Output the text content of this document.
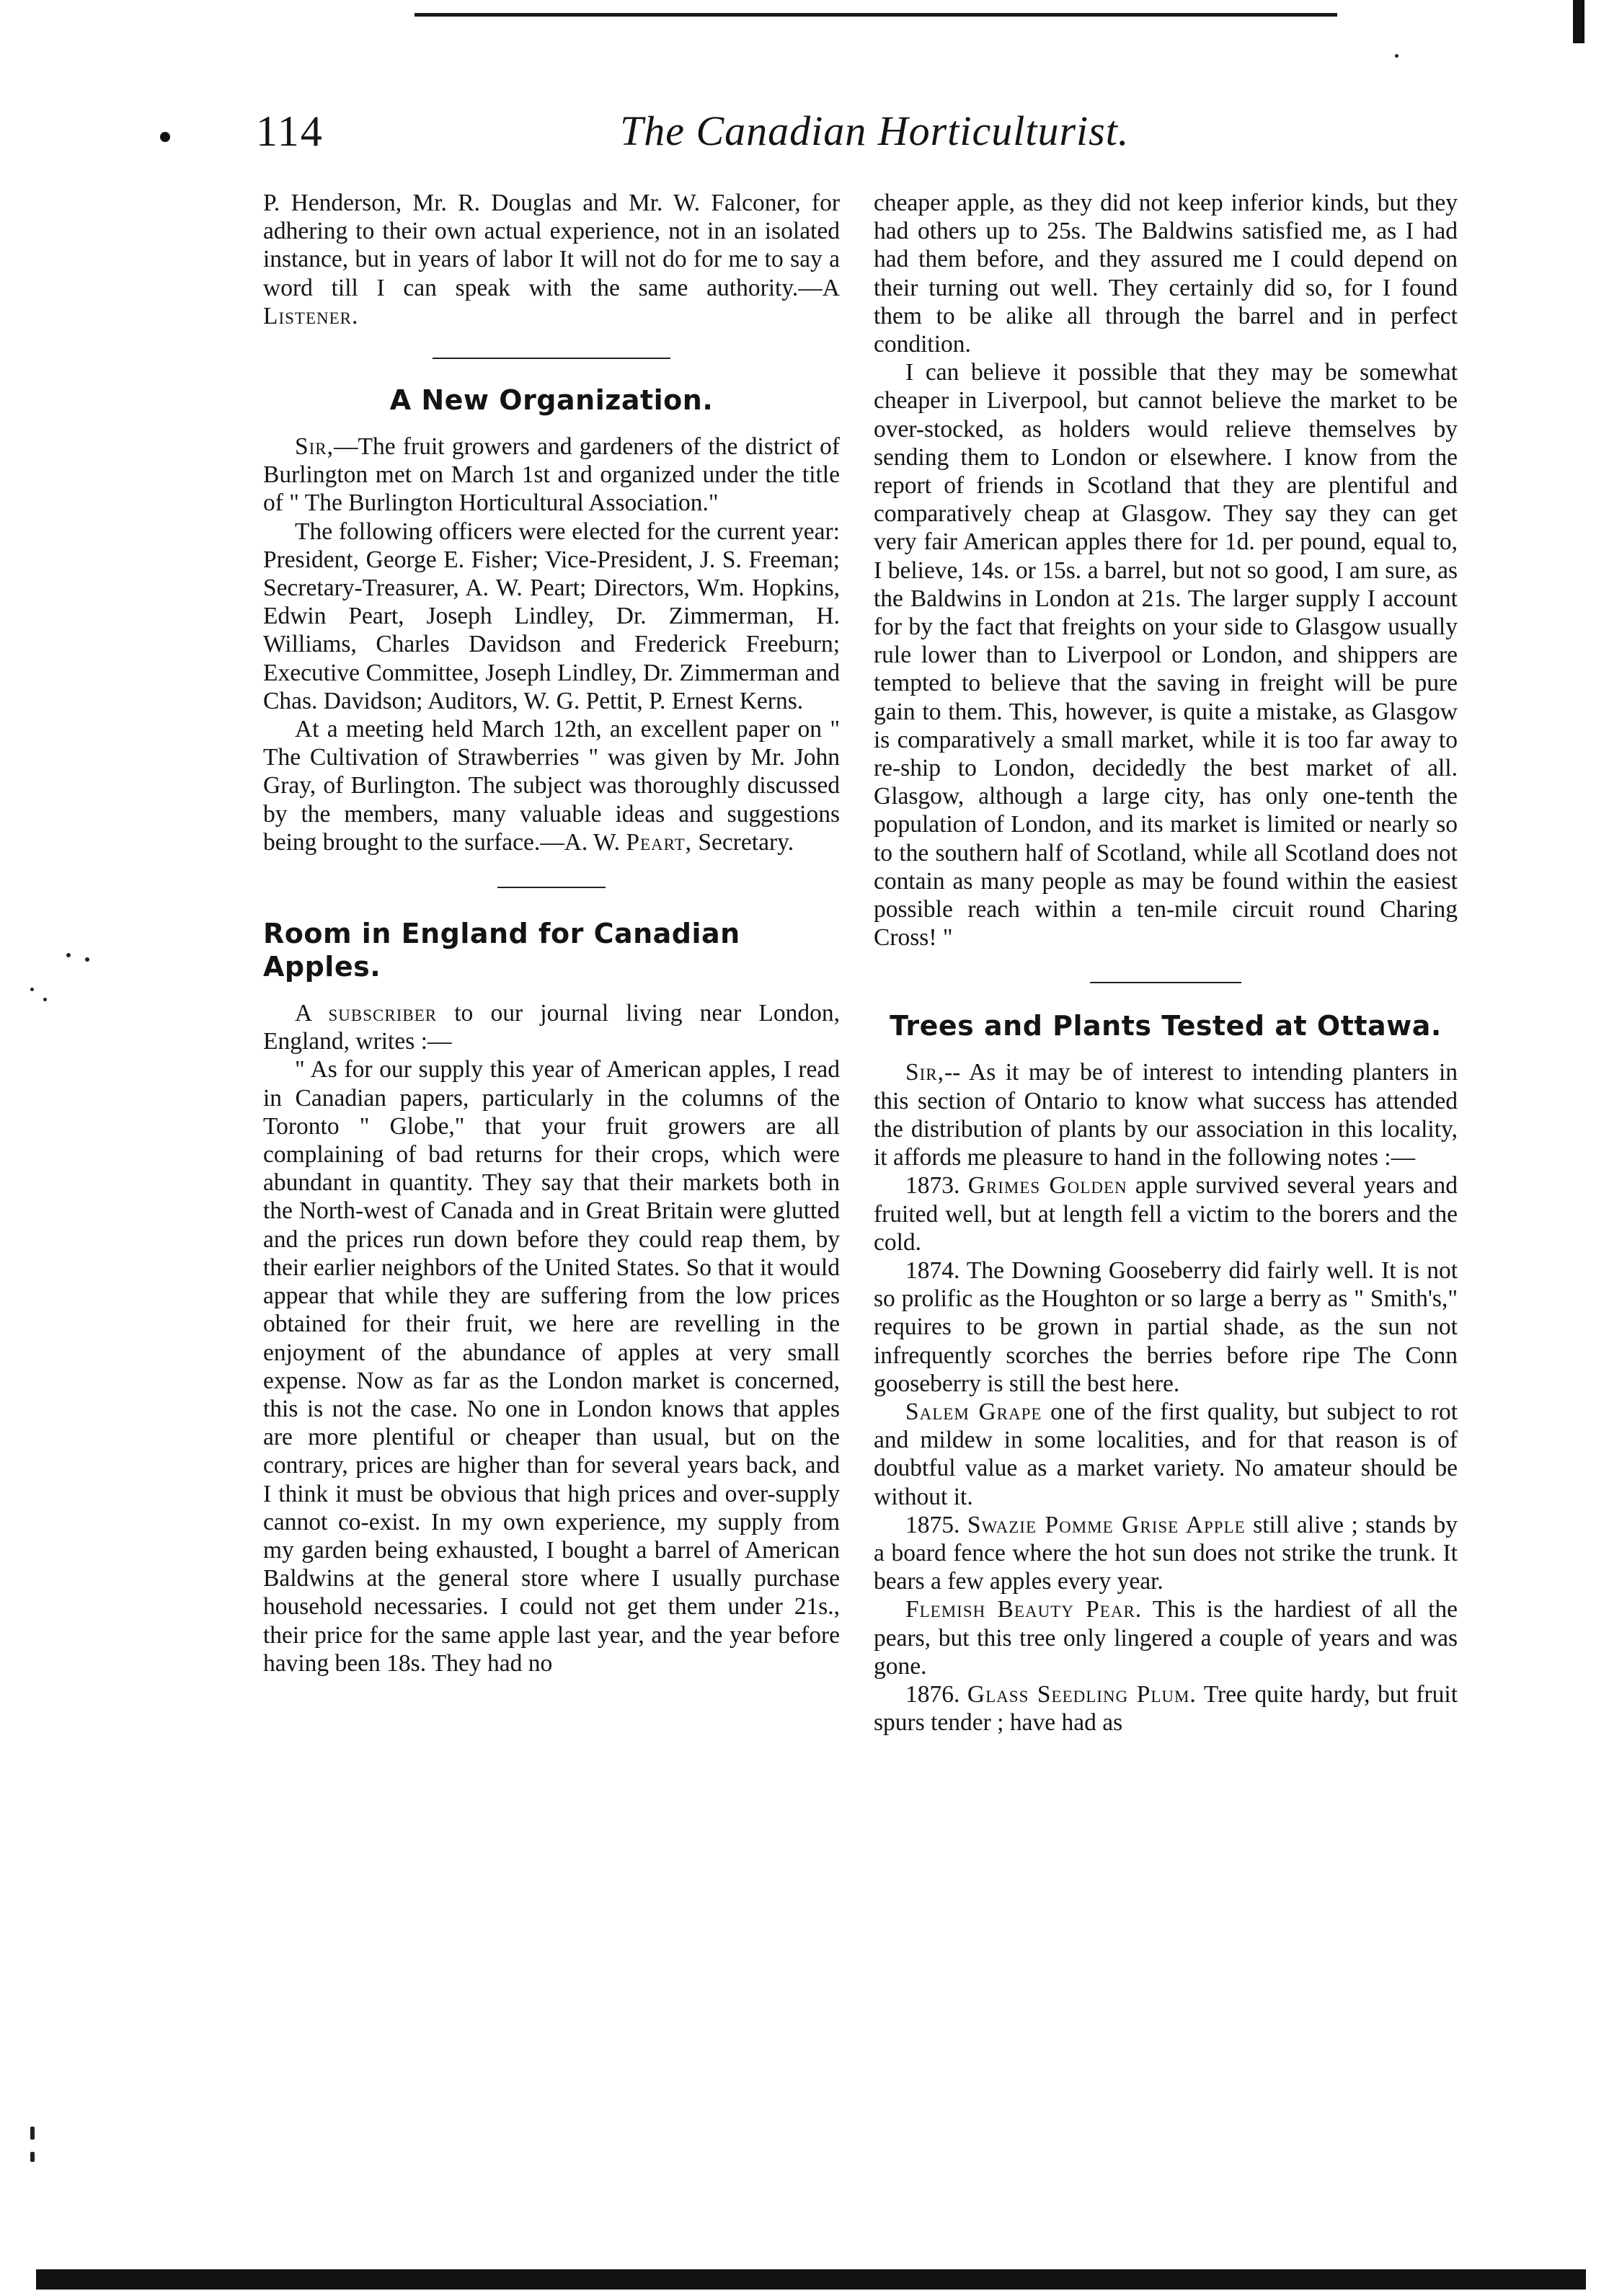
114	The Canadian Horticulturist.

P. Henderson, Mr. R. Douglas and Mr. W. Falconer, for adhering to their own actual experience, not in an isolated instance, but in years of labor It will not do for me to say a word till I can speak with the same authority.—A Listener.

A New Organization.

Sir,—The fruit growers and gardeners of the district of Burlington met on March 1st and organized under the title of " The Burlington Horticultural Association."

The following officers were elected for the current year: President, George E. Fisher; Vice-President, J. S. Freeman; Secretary-Treasurer, A. W. Peart; Directors, Wm. Hopkins, Edwin Peart, Joseph Lindley, Dr. Zimmerman, H. Williams, Charles Davidson and Frederick Freeburn; Executive Committee, Joseph Lindley, Dr. Zimmerman and Chas. Davidson; Auditors, W. G. Pettit, P. Ernest Kerns.

At a meeting held March 12th, an excellent paper on " The Cultivation of Strawberries " was given by Mr. John Gray, of Burlington. The subject was thoroughly discussed by the members, many valuable ideas and suggestions being brought to the surface.—A. W. Peart, Secretary.

Room in England for Canadian Apples.

A subscriber to our journal living near London, England, writes :—

" As for our supply this year of American apples, I read in Canadian papers, particularly in the columns of the Toronto " Globe," that your fruit growers are all complaining of bad returns for their crops, which were abundant in quantity. They say that their markets both in the North-west of Canada and in Great Britain were glutted and the prices run down before they could reap them, by their earlier neighbors of the United States. So that it would appear that while they are suffering from the low prices obtained for their fruit, we here are revelling in the enjoyment of the abundance of apples at very small expense. Now as far as the London market is concerned, this is not the case. No one in London knows that apples are more plentiful or cheaper than usual, but on the contrary, prices are higher than for several years back, and I think it must be obvious that high prices and over-supply cannot co-exist. In my own experience, my supply from my garden being exhausted, I bought a barrel of American Baldwins at the general store where I usually purchase household necessaries. I could not get them under 21s., their price for the same apple last year, and the year before having been 18s. They had no

cheaper apple, as they did not keep inferior kinds, but they had others up to 25s. The Baldwins satisfied me, as I had had them before, and they assured me I could depend on their turning out well. They certainly did so, for I found them to be alike all through the barrel and in perfect condition.

I can believe it possible that they may be somewhat cheaper in Liverpool, but cannot believe the market to be over-stocked, as holders would relieve themselves by sending them to London or elsewhere. I know from the report of friends in Scotland that they are plentiful and comparatively cheap at Glasgow. They say they can get very fair American apples there for 1d. per pound, equal to, I believe, 14s. or 15s. a barrel, but not so good, I am sure, as the Baldwins in London at 21s. The larger supply I account for by the fact that freights on your side to Glasgow usually rule lower than to Liverpool or London, and shippers are tempted to believe that the saving in freight will be pure gain to them. This, however, is quite a mistake, as Glasgow is comparatively a small market, while it is too far away to re-ship to London, decidedly the best market of all. Glasgow, although a large city, has only one-tenth the population of London, and its market is limited or nearly so to the southern half of Scotland, while all Scotland does not contain as many people as may be found within the easiest possible reach within a ten-mile circuit round Charing Cross! "

Trees and Plants Tested at Ottawa.

Sir,-- As it may be of interest to intending planters in this section of Ontario to know what success has attended the distribution of plants by our association in this locality, it affords me pleasure to hand in the following notes :—

1873. Grimes Golden apple survived several years and fruited well, but at length fell a victim to the borers and the cold.

1874. The Downing Gooseberry did fairly well. It is not so prolific as the Houghton or so large a berry as " Smith's," requires to be grown in partial shade, as the sun not infrequently scorches the berries before ripe The Conn gooseberry is still the best here.

Salem Grape one of the first quality, but subject to rot and mildew in some localities, and for that reason is of doubtful value as a market variety. No amateur should be without it.

1875. Swazie Pomme Grise Apple still alive ; stands by a board fence where the hot sun does not strike the trunk. It bears a few apples every year.

Flemish Beauty Pear. This is the hardiest of all the pears, but this tree only lingered a couple of years and was gone.

1876. Glass Seedling Plum. Tree quite hardy, but fruit spurs tender ; have had as
